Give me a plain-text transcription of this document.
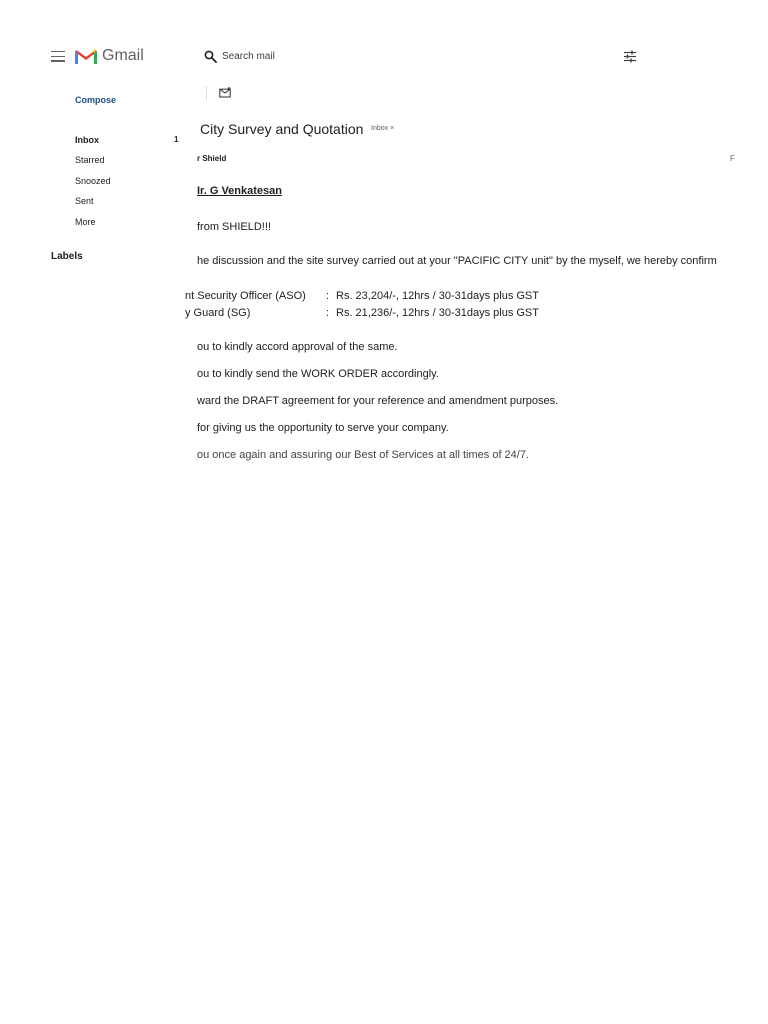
Gmail
Search mail
Compose
Inbox	1
Starred
Snoozed
Sent
More
Labels
City Survey and Quotation Inbox ×
r Shield	F
Ir. G Venkatesan
from SHIELD!!!
he discussion and the site survey carried out at your "PACIFIC CITY unit" by the myself, we hereby confirm
nt Security Officer (ASO) : Rs. 23,204/-, 12hrs / 30-31days plus GST
y Guard (SG)	: Rs. 21,236/-, 12hrs / 30-31days plus GST
ou to kindly accord approval of the same.
ou to kindly send the WORK ORDER accordingly.
ward the DRAFT agreement for your reference and amendment purposes.
for giving us the opportunity to serve your company.
ou once again and assuring our Best of Services at all times of 24/7.
